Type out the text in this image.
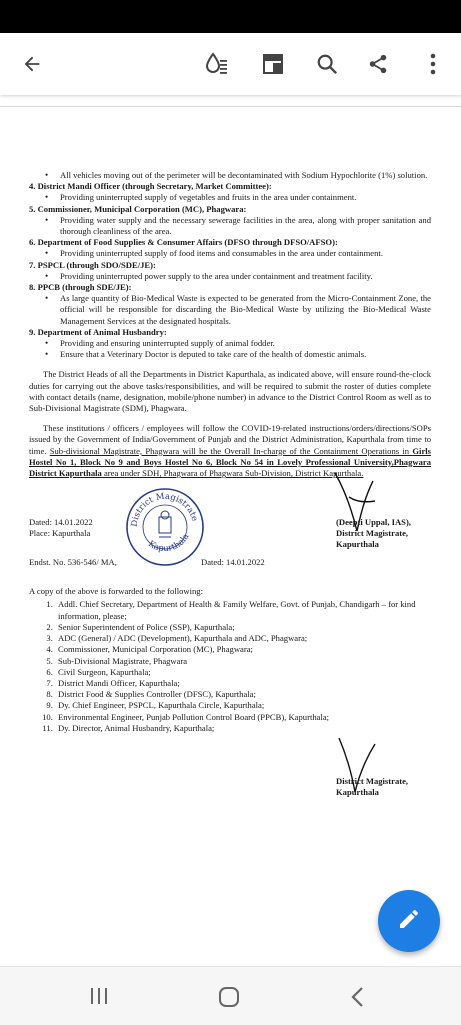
•	All vehicles moving out of the perimeter will be decontaminated with Sodium Hypochlorite (1%) solution.

4. District Mandi Officer (through Secretary, Market Committee):

•	Providing uninterrupted supply of vegetables and fruits in the area under containment.

5. Commissioner, Municipal Corporation (MC), Phagwara:

•	Providing water supply and the necessary sewerage facilities in the area, along with proper sanitation and thorough cleanliness of the area.

6. Department of Food Supplies & Consumer Affairs (DFSO through DFSO/AFSO):

•	Providing uninterrupted supply of food items and consumables in the area under containment.

7. PSPCL (through SDO/SDE/JE):

•	Providing uninterrupted power supply to the area under containment and treatment facility.

8. PPCB (through SDE/JE):

•	As large quantity of Bio-Medical Waste is expected to be generated from the Micro-Containment Zone, the official will be responsible for discarding the Bio-Medical Waste by utilizing the Bio-Medical Waste Management Services at the designated hospitals.

9. Department of Animal Husbandry:

•	Providing and ensuring uninterrupted supply of animal fodder.
•	Ensure that a Veterinary Doctor is deputed to take care of the health of domestic animals.

The District Heads of all the Departments in District Kapurthala, as indicated above, will ensure round-the-clock duties for carrying out the above tasks/responsibilities, and will be required to submit the roster of duties complete with contact details (name, designation, mobile/phone number) in advance to the District Control Room as well as to Sub-Divisional Magistrate (SDM), Phagwara.

These institutions / officers / employees will follow the COVID-19-related instructions/orders/directions/SOPs issued by the Government of India/Government of Punjab and the District Administration, Kapurthala from time to time. Sub-divisional Magistrate, Phagwara will be the Overall In-charge of the Containment Operations in Girls Hostel No 1, Block No 9 and Boys Hostel No 6, Block No 54 in Lovely Professional University,Phagwara District Kapurthala area under SDH, Phagwara of Phagwara Sub-Division, District Kapurthala.

Dated: 14.01.2022
Place: Kapurthala
District Magistrate
Kapurthala
(Deepti Uppal, IAS),
District Magistrate,
Kapurthala
Endst. No. 536-546/ MA,	Dated: 14.01.2022

A copy of the above is forwarded to the following:

1. Addl. Chief Secretary, Department of Health & Family Welfare, Govt. of Punjab, Chandigarh – for kind information, please;
2. Senior Superintendent of Police (SSP), Kapurthala;
3. ADC (General) / ADC (Development), Kapurthala and ADC, Phagwara;
4. Commissioner, Municipal Corporation (MC), Phagwara;
5. Sub-Divisional Magistrate, Phagwara
6. Civil Surgeon, Kapurthala;
7. District Mandi Officer, Kapurthala;
8. District Food & Supplies Controller (DFSC), Kapurthala;
9. Dy. Chief Engineer, PSPCL, Kapurthala Circle, Kapurthala;
10. Environmental Engineer, Punjab Pollution Control Board (PPCB), Kapurthala;
11. Dy. Director, Animal Husbandry, Kapurthala;
District Magistrate,
Kapurthala
